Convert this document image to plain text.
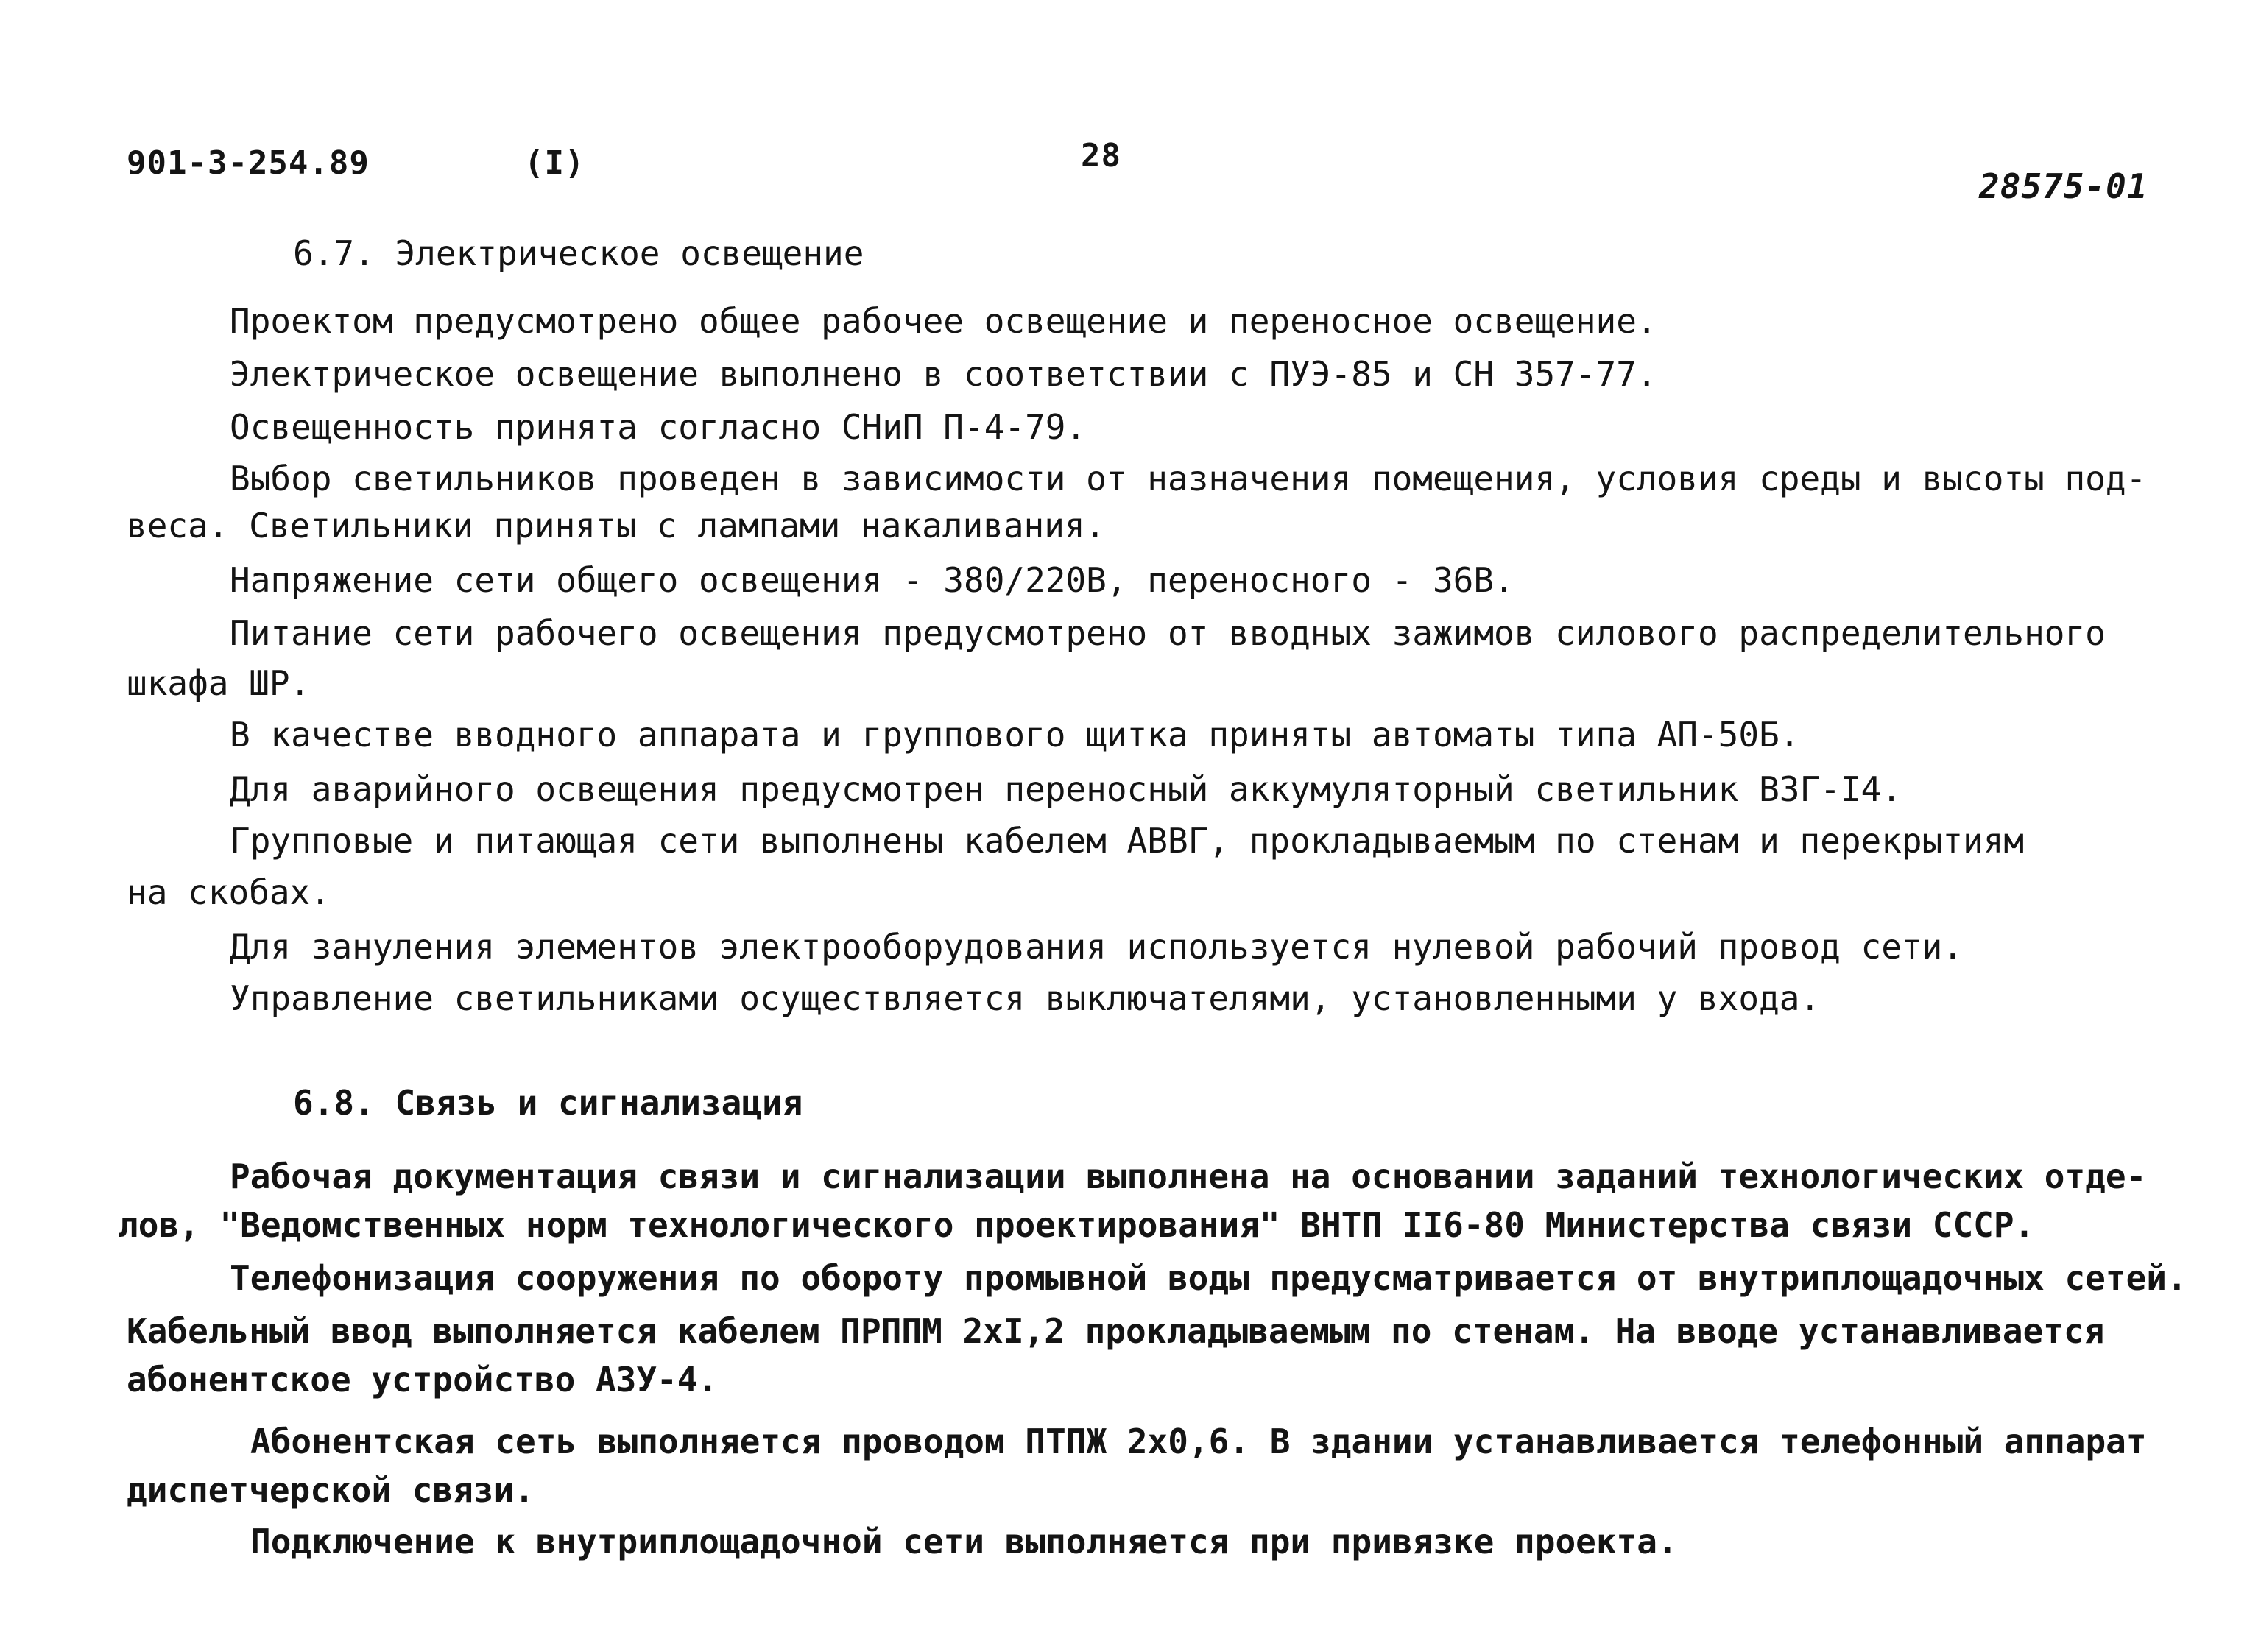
901-3-254.89	(I)	28
28575-01
6.7. Электрическое освещение
Проектом предусмотрено общее рабочее освещение и переносное освещение.
Электрическое освещение выполнено в соответствии с ПУЭ-85 и СН 357-77.
Освещенность принята согласно СНиП П-4-79.
Выбор светильников проведен в зависимости от назначения помещения, условия среды и высоты под-
веса. Светильники приняты с лампами накаливания.
Напряжение сети общего освещения - 380/220В, переносного - 36В.
Питание сети рабочего освещения предусмотрено от вводных зажимов силового распределительного
шкафа ШР.
В качестве вводного аппарата и группового щитка приняты автоматы типа АП-50Б.
Для аварийного освещения предусмотрен переносный аккумуляторный светильник ВЗГ-I4.
Групповые и питающая сети выполнены кабелем АВВГ, прокладываемым по стенам и перекрытиям
на скобах.
Для зануления элементов электрооборудования используется нулевой рабочий провод сети.
Управление светильниками осуществляется выключателями, установленными у входа.
6.8. Связь и сигнализация
Рабочая документация связи и сигнализации выполнена на основании заданий технологических отде-
лов, "Ведомственных норм технологического проектирования" ВНТП II6-80 Министерства связи СССР.
Телефонизация сооружения по обороту промывной воды предусматривается от внутриплощадочных сетей.
Кабельный ввод выполняется кабелем ПРППМ 2хI,2 прокладываемым по стенам. На вводе устанавливается
абонентское устройство АЗУ-4.
Абонентская сеть выполняется проводом ПТПЖ 2х0,6. В здании устанавливается телефонный аппарат
диспетчерской связи.
Подключение к внутриплощадочной сети выполняется при привязке проекта.
